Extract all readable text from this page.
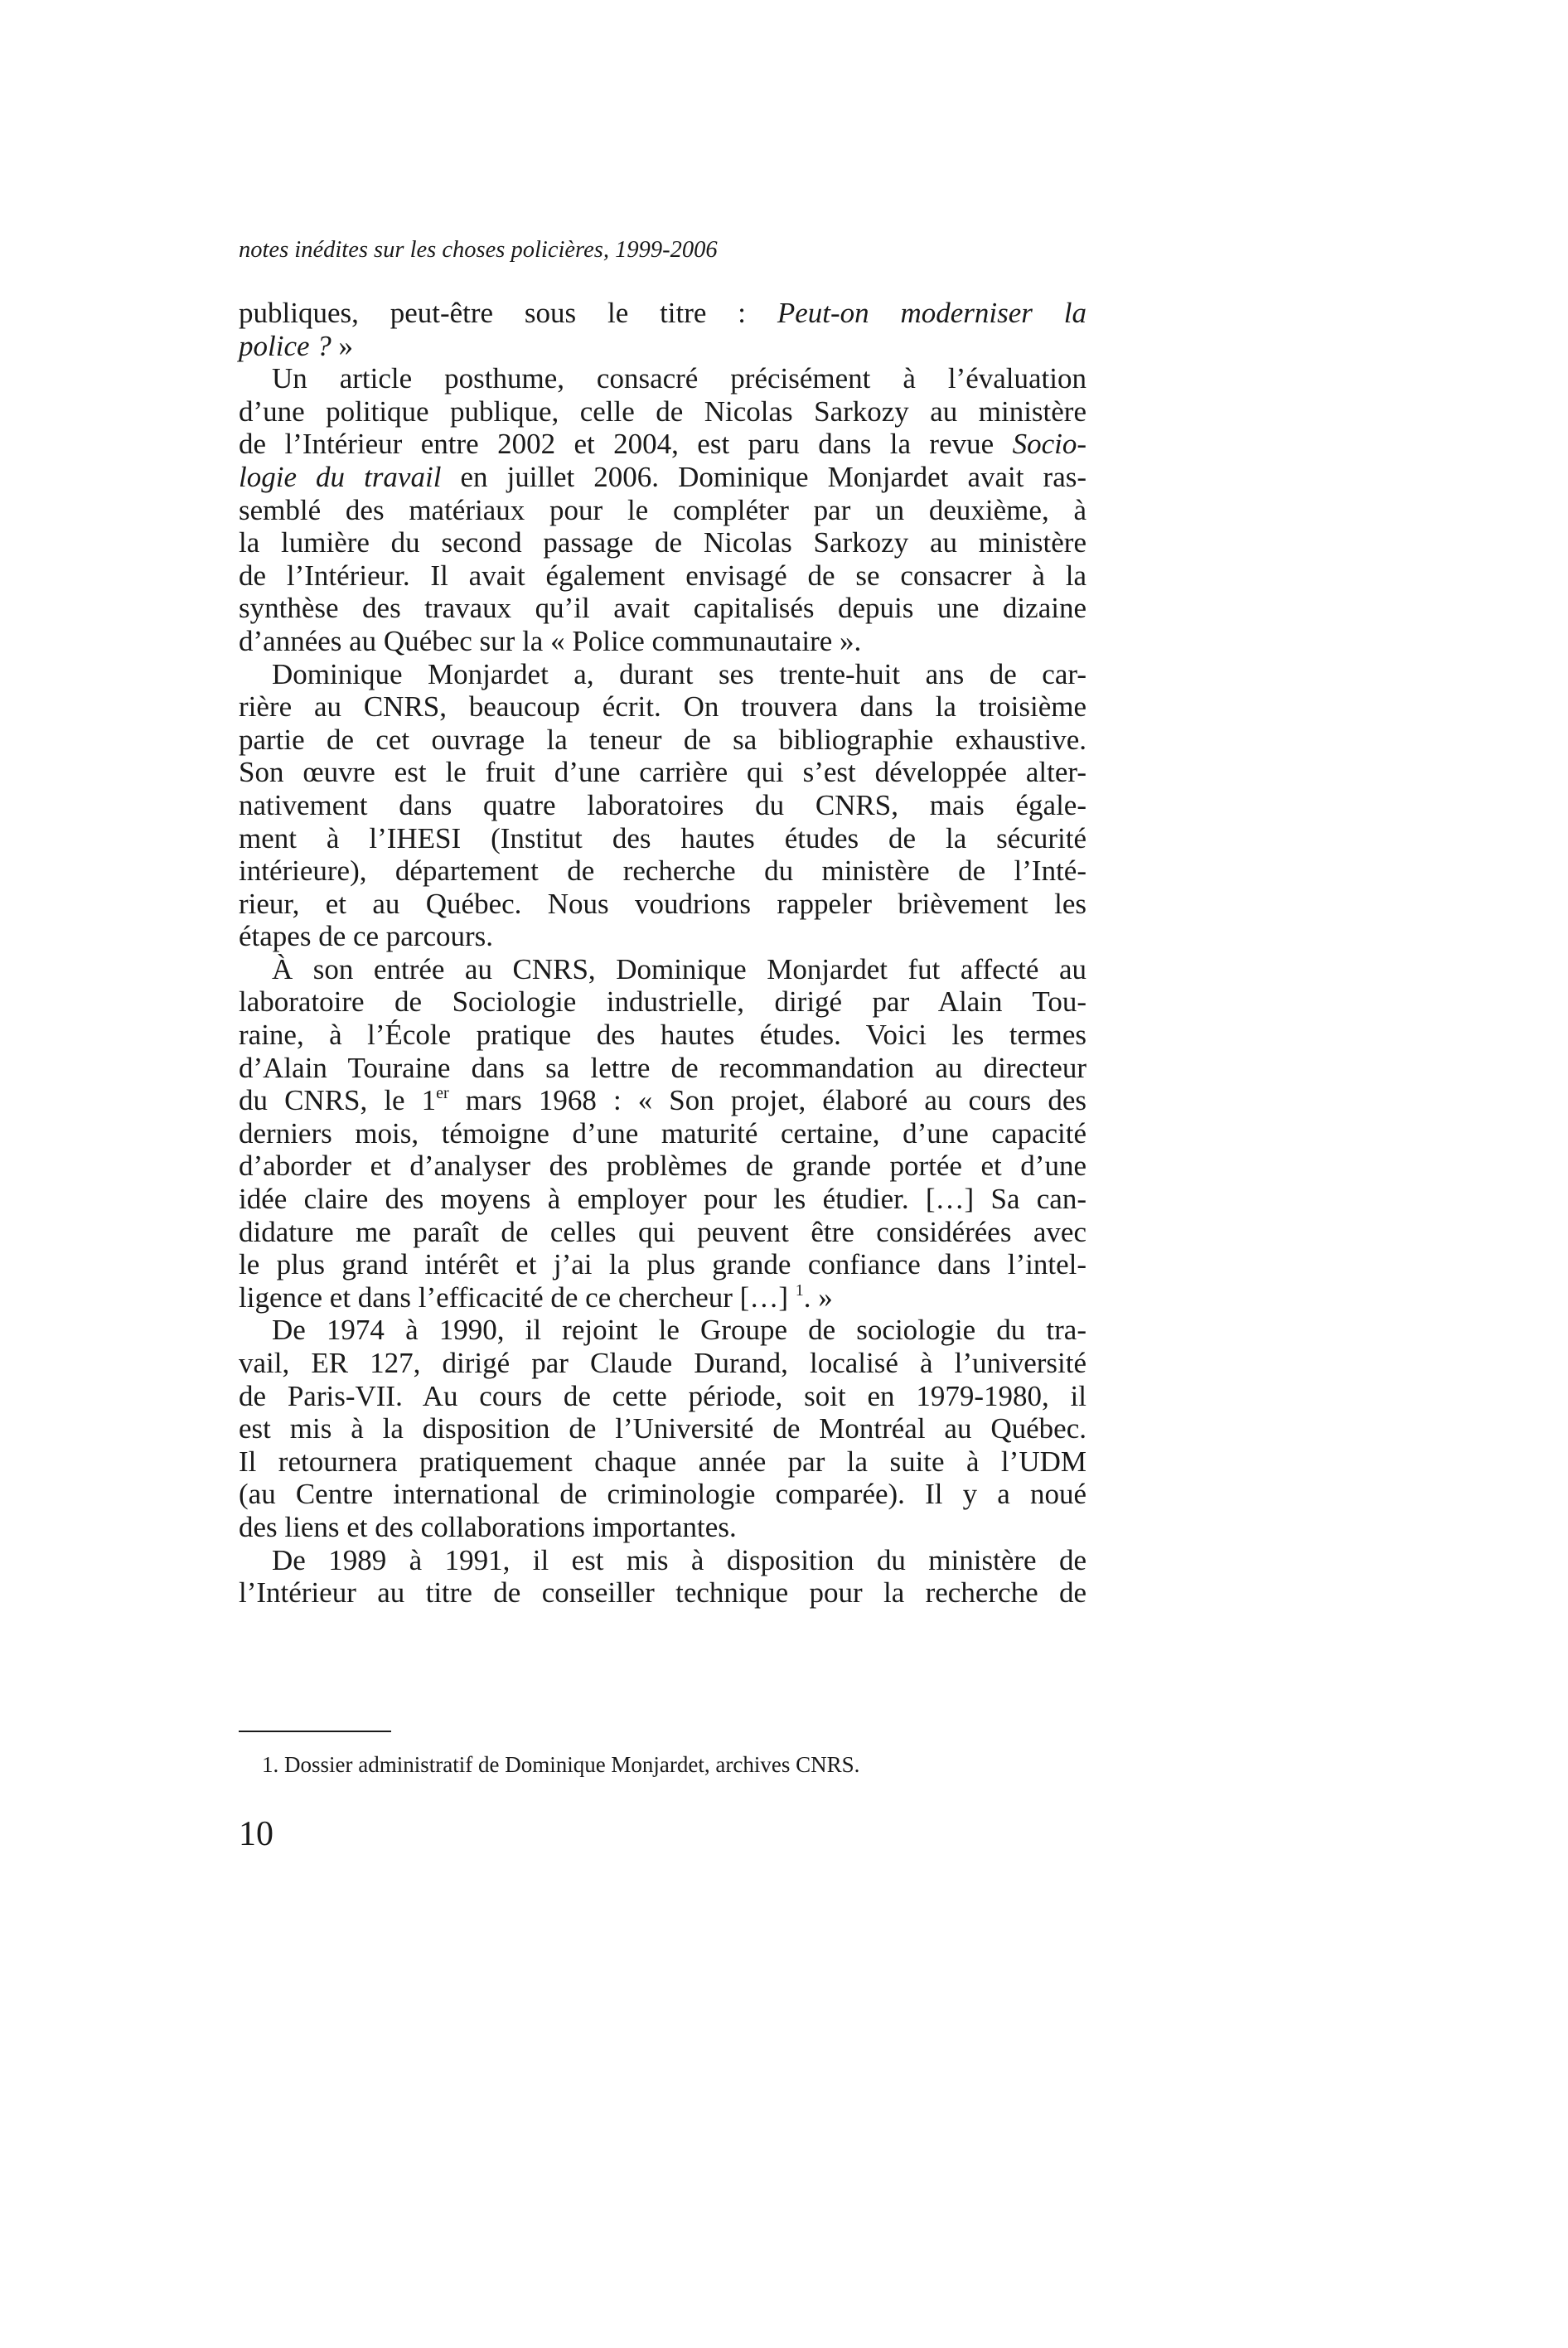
notes inédites sur les choses policières, 1999-2006
publiques, peut-être sous le titre : Peut-on moderniser la
police ? »
Un article posthume, consacré précisément à l’évaluation
d’une politique publique, celle de Nicolas Sarkozy au ministère
de l’Intérieur entre 2002 et 2004, est paru dans la revue Socio-
logie du travail en juillet 2006. Dominique Monjardet avait ras-
semblé des matériaux pour le compléter par un deuxième, à
la lumière du second passage de Nicolas Sarkozy au ministère
de l’Intérieur. Il avait également envisagé de se consacrer à la
synthèse des travaux qu’il avait capitalisés depuis une dizaine
d’années au Québec sur la « Police communautaire ».
Dominique Monjardet a, durant ses trente-huit ans de car-
rière au CNRS, beaucoup écrit. On trouvera dans la troisième
partie de cet ouvrage la teneur de sa bibliographie exhaustive.
Son œuvre est le fruit d’une carrière qui s’est développée alter-
nativement dans quatre laboratoires du CNRS, mais égale-
ment à l’IHESI (Institut des hautes études de la sécurité
intérieure), département de recherche du ministère de l’Inté-
rieur, et au Québec. Nous voudrions rappeler brièvement les
étapes de ce parcours.
À son entrée au CNRS, Dominique Monjardet fut affecté au
laboratoire de Sociologie industrielle, dirigé par Alain Tou-
raine, à l’École pratique des hautes études. Voici les termes
d’Alain Touraine dans sa lettre de recommandation au directeur
du CNRS, le 1er mars 1968 : « Son projet, élaboré au cours des
derniers mois, témoigne d’une maturité certaine, d’une capacité
d’aborder et d’analyser des problèmes de grande portée et d’une
idée claire des moyens à employer pour les étudier. […] Sa can-
didature me paraît de celles qui peuvent être considérées avec
le plus grand intérêt et j’ai la plus grande confiance dans l’intel-
ligence et dans l’efficacité de ce chercheur […] $^1$. »
De 1974 à 1990, il rejoint le Groupe de sociologie du tra-
vail, ER 127, dirigé par Claude Durand, localisé à l’université
de Paris-VII. Au cours de cette période, soit en 1979-1980, il
est mis à la disposition de l’Université de Montréal au Québec.
Il retournera pratiquement chaque année par la suite à l’UDM
(au Centre international de criminologie comparée). Il y a noué
des liens et des collaborations importantes.
De 1989 à 1991, il est mis à disposition du ministère de
l’Intérieur au titre de conseiller technique pour la recherche de
1. Dossier administratif de Dominique Monjardet, archives CNRS.
10
